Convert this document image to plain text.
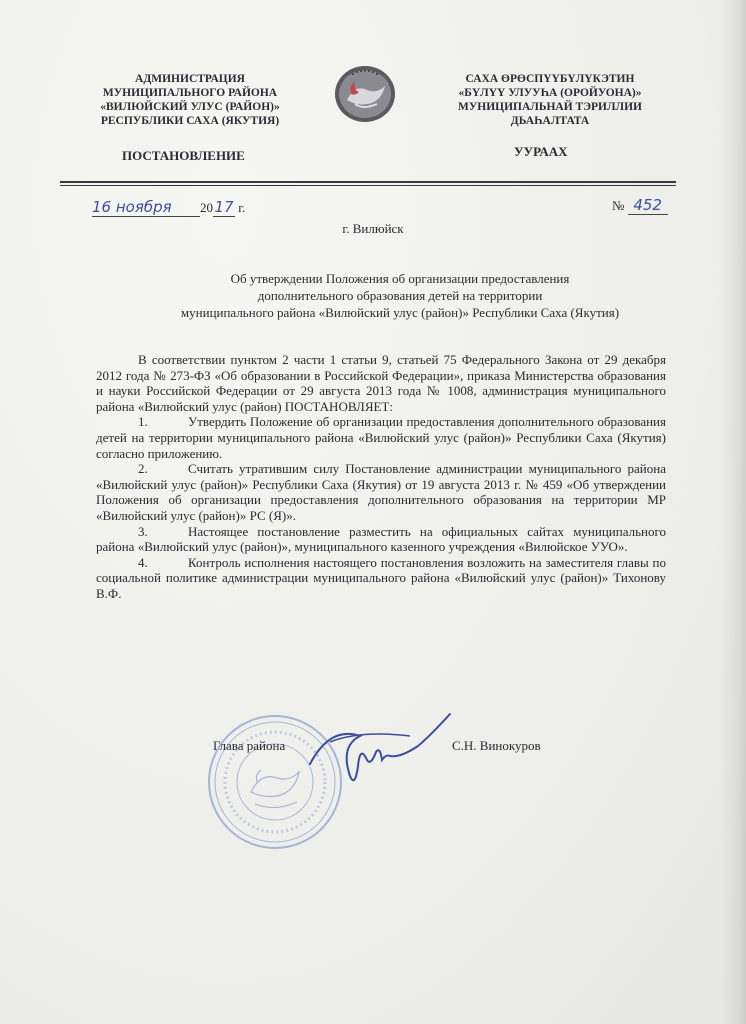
АДМИНИСТРАЦИЯ
МУНИЦИПАЛЬНОГО РАЙОНА
«ВИЛЮЙСКИЙ УЛУС (РАЙОН)»
РЕСПУБЛИКИ САХА (ЯКУТИЯ)
САХА ӨРӨСПҮҮБҮЛҮКЭТИН
«БҮЛҮҮ УЛУУҺА (ОРОЙУОНА)»
МУНИЦИПАЛЬНАЙ ТЭРИЛЛИИ
ДЬАҺАЛТАТА
ПОСТАНОВЛЕНИЕ	УУРААХ
16 ноября 2017 г.	№ 452
г. Вилюйск
Об утверждении Положения об организации предоставления
дополнительного образования детей на территории
муниципального района «Вилюйский улус (район)» Республики Саха (Якутия)

В соответствии пунктом 2 части 1 статьи 9, статьей 75 Федерального Закона от 29 декабря 2012 года № 273-ФЗ «Об образовании в Российской Федерации», приказа Министерства образования и науки Российской Федерации от 29 августа 2013 года № 1008, администрация муниципального района «Вилюйский улус (район) ПОСТАНОВЛЯЕТ:

1.	Утвердить Положение об организации предоставления дополнительного образования детей на территории муниципального района «Вилюйский улус (район)» Республики Саха (Якутия) согласно приложению.

2.	Считать утратившим силу Постановление администрации муниципального района «Вилюйский улус (район)» Республики Саха (Якутия) от 19 августа 2013 г. № 459 «Об утверждении Положения об организации предоставления дополнительного образования на территории МР «Вилюйский улус (район)» РС (Я)».

3.	Настоящее постановление разместить на официальных сайтах муниципального района «Вилюйский улус (район)», муниципального казенного учреждения «Вилюйское УУО».

4.	Контроль исполнения настоящего постановления возложить на заместителя главы по социальной политике администрации муниципального района «Вилюйский улус (район)» Тихонову В.Ф.

Глава района	С.Н. Винокуров
